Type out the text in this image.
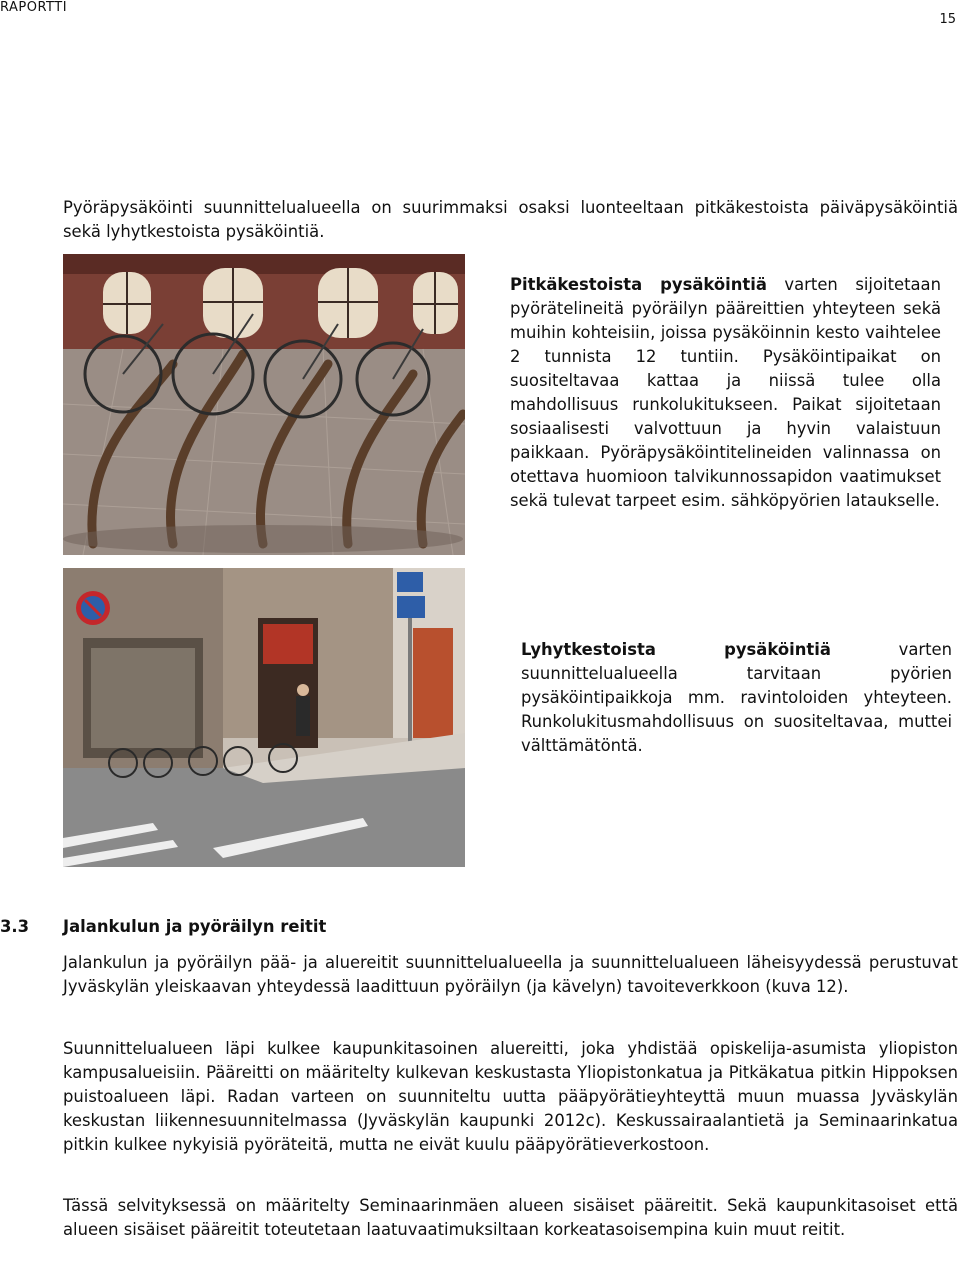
RAPORTTI
15

Pyöräpysäköinti suunnittelualueella on suurimmaksi osaksi luonteeltaan pitkäkestoista päiväpysäköintiä sekä lyhytkestoista pysäköintiä.

Pitkäkestoista pysäköintiä varten sijoitetaan pyörätelineitä pyöräilyn pääreittien yhteyteen sekä muihin kohteisiin, joissa pysäköinnin kesto vaihtelee 2 tunnista 12 tuntiin. Pysäköintipaikat on suositeltavaa kattaa ja niissä tulee olla mahdollisuus runkolukitukseen. Paikat sijoitetaan sosiaalisesti valvottuun ja hyvin valaistuun paikkaan. Pyöräpysäköintitelineiden valinnassa on otettava huomioon talvikunnossapidon vaatimukset sekä tulevat tarpeet esim. sähköpyörien lataukselle.

Lyhytkestoista pysäköintiä varten suunnittelualueella tarvitaan pyörien pysäköintipaikkoja mm. ravintoloiden yhteyteen. Runkolukitusmahdollisuus on suositeltavaa, muttei välttämätöntä.

3.3 Jalankulun ja pyöräilyn reitit

Jalankulun ja pyöräilyn pää- ja aluereitit suunnittelualueella ja suunnittelualueen läheisyydessä perustuvat Jyväskylän yleiskaavan yhteydessä laadittuun pyöräilyn (ja kävelyn) tavoiteverkkoon (kuva 12).

Suunnittelualueen läpi kulkee kaupunkitasoinen aluereitti, joka yhdistää opiskelija-asumista yliopiston kampusalueisiin. Pääreitti on määritelty kulkevan keskustasta Yliopistonkatua ja Pitkäkatua pitkin Hippoksen puistoalueen läpi. Radan varteen on suunniteltu uutta pääpyörätieyhteyttä muun muassa Jyväskylän keskustan liikennesuunnitelmassa (Jyväskylän kaupunki 2012c). Keskussairaalantietä ja Seminaarinkatua pitkin kulkee nykyisiä pyöräteitä, mutta ne eivät kuulu pääpyörätieverkostoon.

Tässä selvityksessä on määritelty Seminaarinmäen alueen sisäiset pääreitit. Sekä kaupunkitasoiset että alueen sisäiset pääreitit toteutetaan laatuvaatimuksiltaan korkeatasoisempina kuin muut reitit.
